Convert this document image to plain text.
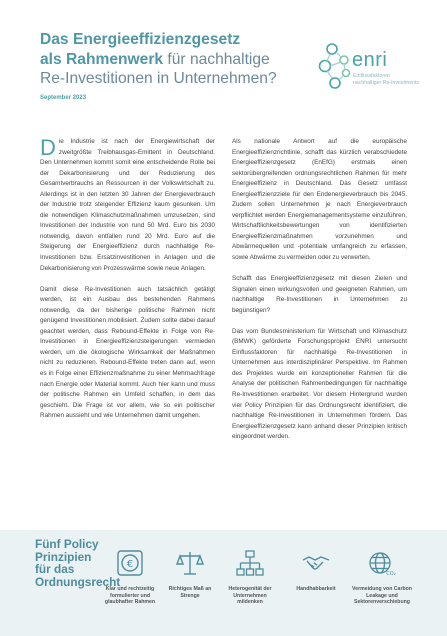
Das Energieeffizienzgesetz
als Rahmenwerk für nachhaltige
Re-Investitionen in Unternehmen?
September 2023
enri
Einflussfaktoren
nachhaltiger Re-Investments

Die Industrie ist nach der Energiewirtschaft der zweitgrößte Treibhausgas-Emittent in Deutschland. Den Unternehmen kommt somit eine entscheidende Rolle bei der Dekarbonisierung und der Reduzierung des Gesamtverbrauchs an Ressourcen in der Volkswirtschaft zu. Allerdings ist in den letzten 30 Jahren der Energieverbrauch der Industrie trotz steigender Effizienz kaum gesunken. Um die notwendigen Klimaschutzmaßnahmen umzusetzen, sind Investitionen der Industrie von rund 50 Mrd. Euro bis 2030 notwendig, davon entfallen rund 20 Mrd. Euro auf die Steigerung der Energieeffizienz durch nachhaltige Re-Investitionen bzw. Ersatzinvestitionen in Anlagen und die Dekarbonisierung von Prozesswärme sowie neue Anlagen.

Damit diese Re-Investitionen auch tatsächlich getätigt werden, ist ein Ausbau des bestehenden Rahmens notwendig, da der bisherige politische Rahmen nicht genügend Investitionen mobilisiert. Zudem sollte dabei darauf geachtet werden, dass Rebound-Effekte in Folge von Re-Investitionen in Energieeffizienzsteigerungen vermieden werden, um die ökologische Wirksamkeit der Maßnahmen nicht zu reduzieren. Rebound-Effekte treten dann auf, wenn es in Folge einer Effizienzmaßnahme zu einer Mehrnachfrage nach Energie oder Material kommt. Auch hier kann und muss der politische Rahmen ein Umfeld schaffen, in dem das geschieht. Die Frage ist vor allem, wie so ein politischer Rahmen aussieht und wie Unternehmen damit umgehen.

Als nationale Antwort auf die europäische Energieeffizienzrichtlinie, schafft das kürzlich verabschiedete Energieeffizienzgesetz (EnEfG) erstmals einen sektorübergreifenden ordnungsrechtlichen Rahmen für mehr Energieeffizienz in Deutschland. Das Gesetz umfasst Energieeffizienzziele für den Endenergieverbrauch bis 2045. Zudem sollen Unternehmen je nach Energieverbrauch verpflichtet werden Energiemanagementsysteme einzuführen, Wirtschaftlichkeitsbewertungen von identifizierten Energieeffizienzmaßnahmen vorzunehmen und Abwärmequellen und -potentiale umfangreich zu erfassen, sowie Abwärme zu vermeiden oder zu verwerten.

Schafft das Energieeffizienzgesetz mit diesen Zielen und Signalen einen wirkungsvollen und geeigneten Rahmen, um nachhaltige Re-Investitionen in Unternehmen zu begünstigen?

Das vom Bundesministerium für Wirtschaft und Klimaschutz (BMWK) geförderte Forschungsprojekt ENRI untersucht Einflussfaktoren für nachhaltige Re-Investitionen in Unternehmen aus interdisziplinärer Perspektive. Im Rahmen des Projektes wurde ein konzeptioneller Rahmen für die Analyse der politischen Rahmenbedingungen für nachhaltige Re-Investitionen erarbeitet. Vor diesem Hintergrund wurden vier Policy Prinzipien für das Ordnungsrecht identifiziert, die nachhaltige Re-Investitionen in Unternehmen fördern. Das Energieeffizienzgesetz kann anhand dieser Prinzipien kritisch eingeordnet werden.

Fünf Policy Prinzipien für das Ordnungsrecht
€
Klar und rechtzeitig formulierter und glaubhafter Rahmen
Richtiges Maß an Strenge
Heterogenität der Unternehmen mildenken
Handhabbarkeit
CO₂
Vermeidung von Carbon Leakage und Sektorenverschiebung
